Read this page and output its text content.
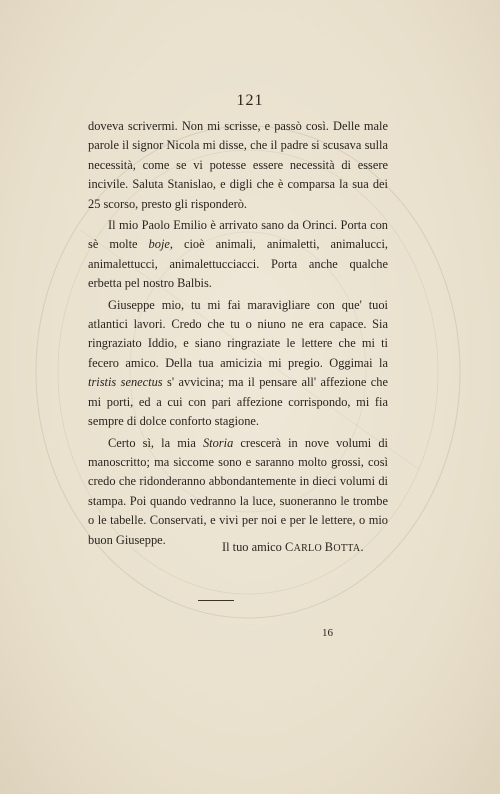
121

doveva scrivermi. Non mi scrisse, e passò così. Delle male parole il signor Nicola mi disse, che il padre si scusava sulla necessità, come se vi potesse essere necessità di essere incivile. Saluta Stanislao, e digli che è comparsa la sua dei 25 scorso, presto gli risponderò.

Il mio Paolo Emilio è arrivato sano da Orinci. Porta con sè molte boje, cioè animali, animaletti, animalucci, animalettucci, animalettucciacci. Porta anche qualche erbetta pel nostro Balbis.

Giuseppe mio, tu mi fai maravigliare con que' tuoi atlantici lavori. Credo che tu o niuno ne era capace. Sia ringraziato Iddio, e siano ringraziate le lettere che mi ti fecero amico. Della tua amicizia mi pregio. Oggimai la tristis senectus s' avvicina; ma il pensare all' affezione che mi porti, ed a cui con pari affezione corrispondo, mi fia sempre di dolce conforto stagione.

Certo sì, la mia Storia crescerà in nove volumi di manoscritto; ma siccome sono e saranno molto grossi, così credo che ridonderanno abbondantemente in dieci volumi di stampa. Poi quando vedranno la luce, suoneranno le trombe o le tabelle. Conservati, e vivi per noi e per le lettere, o mio buon Giuseppe.

Il tuo amico CARLO BOTTA.
16
